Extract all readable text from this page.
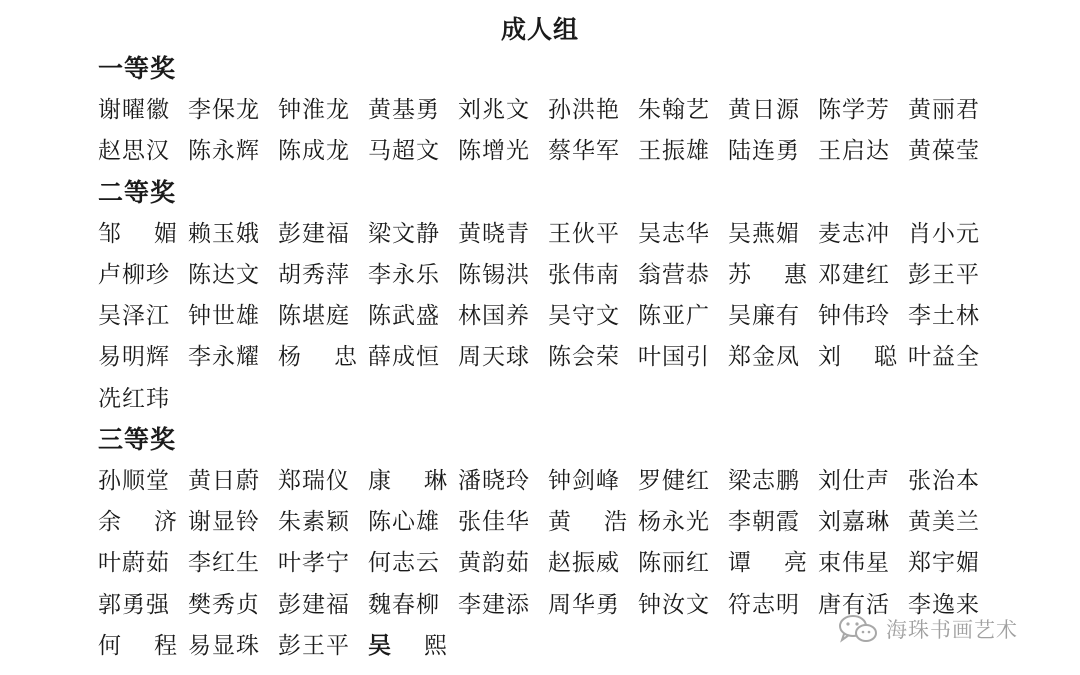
成人组
一等奖
谢 曜 徽 李 保 龙 钟 淮 龙 黄 基 勇 刘 兆 文 孙 洪 艳 朱 翰 艺 黄 日 源 陈 学 芳 黄 丽 君
赵 思 汉 陈 永 辉 陈 成 龙 马 超 文 陈 增 光 蔡 华 军 王 振 雄 陆 连 勇 王 启 达 黄 葆 莹
二等奖
邹 媚 赖 玉 娥 彭 建 福 梁 文 静 黄 晓 青 王 伙 平 吴 志 华 吴 燕 媚 麦 志 冲 肖 小 元
卢 柳 珍 陈 达 文 胡 秀 萍 李 永 乐 陈 锡 洪 张 伟 南 翁 营 恭 苏 惠 邓 建 红 彭 王 平
吴 泽 江 钟 世 雄 陈 堪 庭 陈 武 盛 林 国 养 吴 守 文 陈 亚 广 吴 廉 有 钟 伟 玲 李 土 林
易 明 辉 李 永 耀 杨 忠 薛 成 恒 周 天 球 陈 会 荣 叶 国 引 郑 金 凤 刘 聪 叶 益 全
冼 红 玮
三等奖
孙 顺 堂 黄 日 蔚 郑 瑞 仪 康 琳 潘 晓 玲 钟 剑 峰 罗 健 红 梁 志 鹏 刘 仕 声 张 治 本
余 济 谢 显 铃 朱 素 颖 陈 心 雄 张 佳 华 黄 浩 杨 永 光 李 朝 霞 刘 嘉 琳 黄 美 兰
叶 蔚 茹 李 红 生 叶 孝 宁 何 志 云 黄 韵 茹 赵 振 威 陈 丽 红 谭 亮 束 伟 星 郑 宇 媚
郭 勇 强 樊 秀 贞 彭 建 福 魏 春 柳 李 建 添 周 华 勇 钟 汝 文 符 志 明 唐 有 活 李 逸 来
何 程 易 显 珠 彭 王 平 吴 熙
海珠书画艺术
